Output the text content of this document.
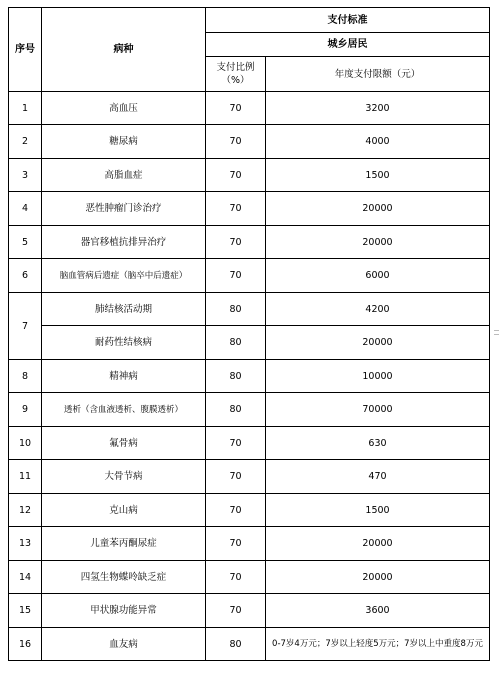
序号	病种	支付标准	
		城乡居民	
		支付比例（%）	年度支付限额（元）
1	高血压	70	3200
2	糖尿病	70	4000
3	高脂血症	70	1500
4	恶性肿瘤门诊治疗	70	20000
5	器官移植抗排异治疗	70	20000
6	脑血管病后遗症（脑卒中后遗症）	70	6000
7	肺结核活动期	80	4200
	耐药性结核病	80	20000
8	精神病	80	10000
9	透析（含血液透析、腹膜透析）	80	70000
10	氟骨病	70	630
11	大骨节病	70	470
12	克山病	70	1500
13	儿童苯丙酮尿症	70	20000
14	四氢生物蝶呤缺乏症	70	20000
15	甲状腺功能异常	70	3600
16	血友病	80	0-7岁4万元；7岁以上轻度5万元；7岁以上中重度8万元
